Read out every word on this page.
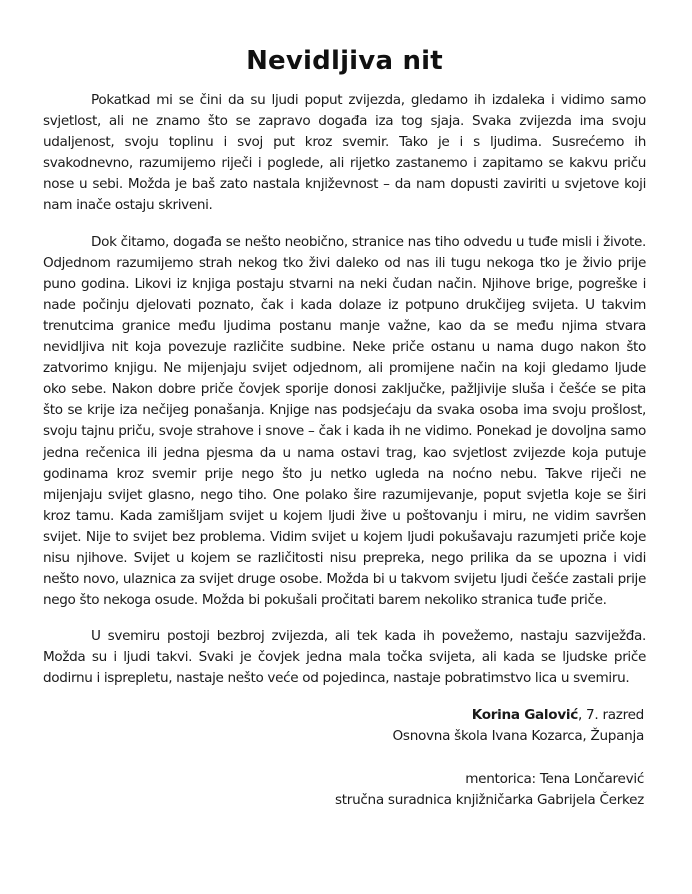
Nevidljiva nit

Pokatkad mi se čini da su ljudi poput zvijezda, gledamo ih izdaleka i vidimo samo svjetlost, ali ne znamo što se zapravo događa iza tog sjaja. Svaka zvijezda ima svoju udaljenost, svoju toplinu i svoj put kroz svemir. Tako je i s ljudima. Susrećemo ih svakodnevno, razumijemo riječi i poglede, ali rijetko zastanemo i zapitamo se kakvu priču nose u sebi. Možda je baš zato nastala književnost – da nam dopusti zaviriti u svjetove koji nam inače ostaju skriveni.

Dok čitamo, događa se nešto neobično, stranice nas tiho odvedu u tuđe misli i živote. Odjednom razumijemo strah nekog tko živi daleko od nas ili tugu nekoga tko je živio prije puno godina. Likovi iz knjiga postaju stvarni na neki čudan način. Njihove brige, pogreške i nade počinju djelovati poznato, čak i kada dolaze iz potpuno drukčijeg svijeta. U takvim trenutcima granice među ljudima postanu manje važne, kao da se među njima stvara nevidljiva nit koja povezuje različite sudbine. Neke priče ostanu u nama dugo nakon što zatvorimo knjigu. Ne mijenjaju svijet odjednom, ali promijene način na koji gledamo ljude oko sebe. Nakon dobre priče čovjek sporije donosi zaključke, pažljivije sluša i češće se pita što se krije iza nečijeg ponašanja. Knjige nas podsjećaju da svaka osoba ima svoju prošlost, svoju tajnu priču, svoje strahove i snove – čak i kada ih ne vidimo. Ponekad je dovoljna samo jedna rečenica ili jedna pjesma da u nama ostavi trag, kao svjetlost zvijezde koja putuje godinama kroz svemir prije nego što ju netko ugleda na noćno nebu. Takve riječi ne mijenjaju svijet glasno, nego tiho. One polako šire razumijevanje, poput svjetla koje se širi kroz tamu. Kada zamišljam svijet u kojem ljudi žive u poštovanju i miru, ne vidim savršen svijet. Nije to svijet bez problema. Vidim svijet u kojem ljudi pokušavaju razumjeti priče koje nisu njihove. Svijet u kojem se različitosti nisu prepreka, nego prilika da se upozna i vidi nešto novo, ulaznica za svijet druge osobe. Možda bi u takvom svijetu ljudi češće zastali prije nego što nekoga osude. Možda bi pokušali pročitati barem nekoliko stranica tuđe priče.

U svemiru postoji bezbroj zvijezda, ali tek kada ih povežemo, nastaju sazviježđa. Možda su i ljudi takvi. Svaki je čovjek jedna mala točka svijeta, ali kada se ljudske priče dodirnu i isprepletu, nastaje nešto veće od pojedinca, nastaje pobratimstvo lica u svemiru.

Korina Galović, 7. razred
Osnovna škola Ivana Kozarca, Županja
mentorica: Tena Lončarević
stručna suradnica knjižničarka Gabrijela Čerkez
